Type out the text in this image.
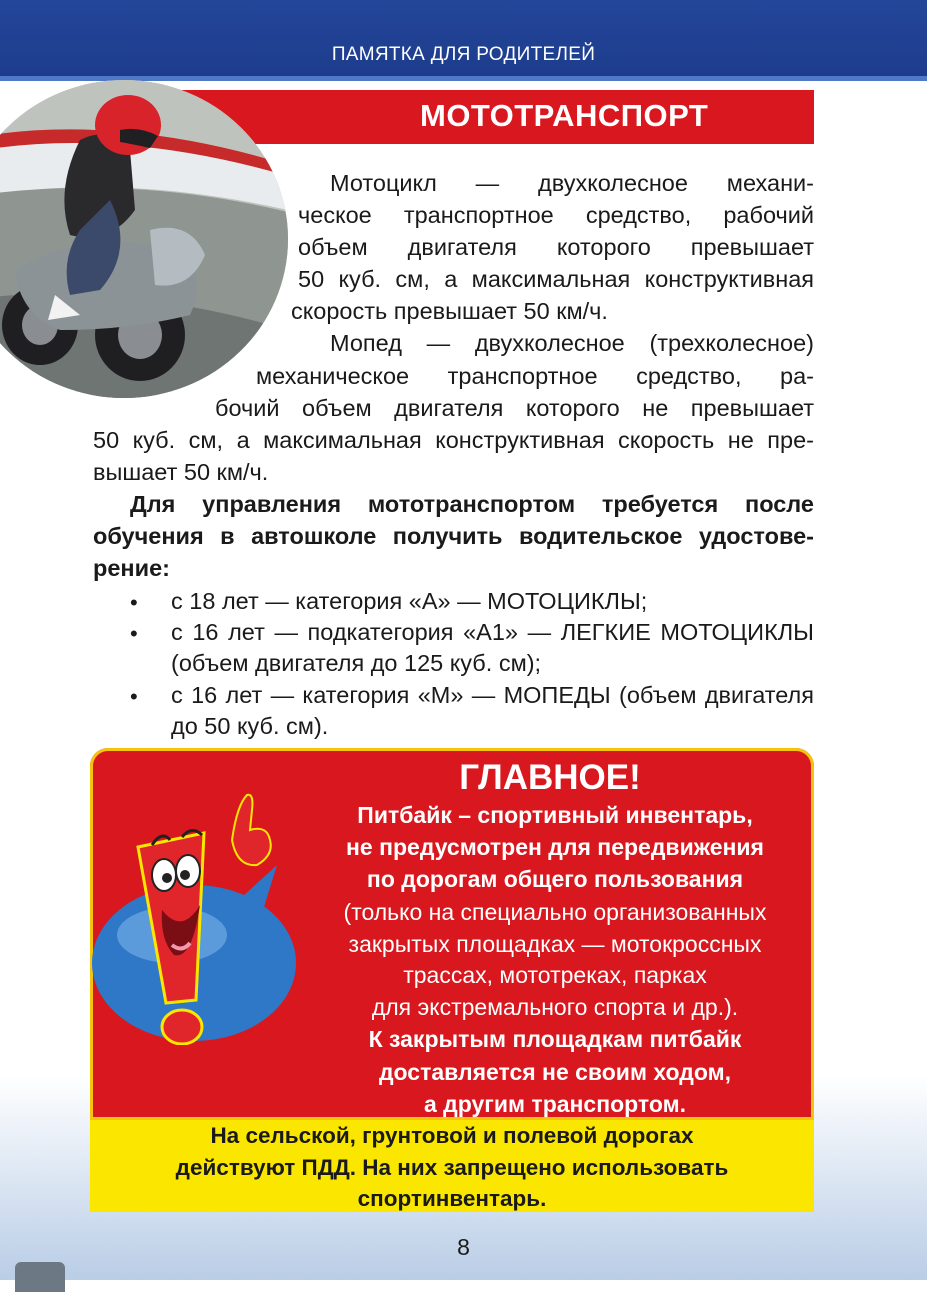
ПАМЯТКА ДЛЯ РОДИТЕЛЕЙ
МОТОТРАНСПОРТ
Мотоцикл — двухколесное механи-
ческое транспортное средство, рабочий
объем двигателя которого превышает
50 куб. см, а максимальная конструктивная
скорость превышает 50 км/ч.
Мопед — двухколесное (трехколесное)
механическое транспортное средство, ра-
бочий объем двигателя которого не превышает
50 куб. см, а максимальная конструктивная скорость не пре-
вышает 50 км/ч.
Для управления мототранспортом требуется после
обучения в автошколе получить водительское удостове-
рение:
• с 18 лет — категория «А» — МОТОЦИКЛЫ;
• с 16 лет — подкатегория «А1» — ЛЕГКИЕ МОТОЦИКЛЫ
(объем двигателя до 125 куб. см);
• с 16 лет — категория «М» — МОПЕДЫ (объем двигателя
до 50 куб. см).
ГЛАВНОЕ!
Питбайк – спортивный инвентарь,
не предусмотрен для передвижения
по дорогам общего пользования
(только на специально организованных
закрытых площадках — мотокроссных
трассах, мототреках, парках
для экстремального спорта и др.).
К закрытым площадкам питбайк
доставляется не своим ходом,
а другим транспортом.
На сельской, грунтовой и полевой дорогах
действуют ПДД. На них запрещено использовать
спортинвентарь.
8
